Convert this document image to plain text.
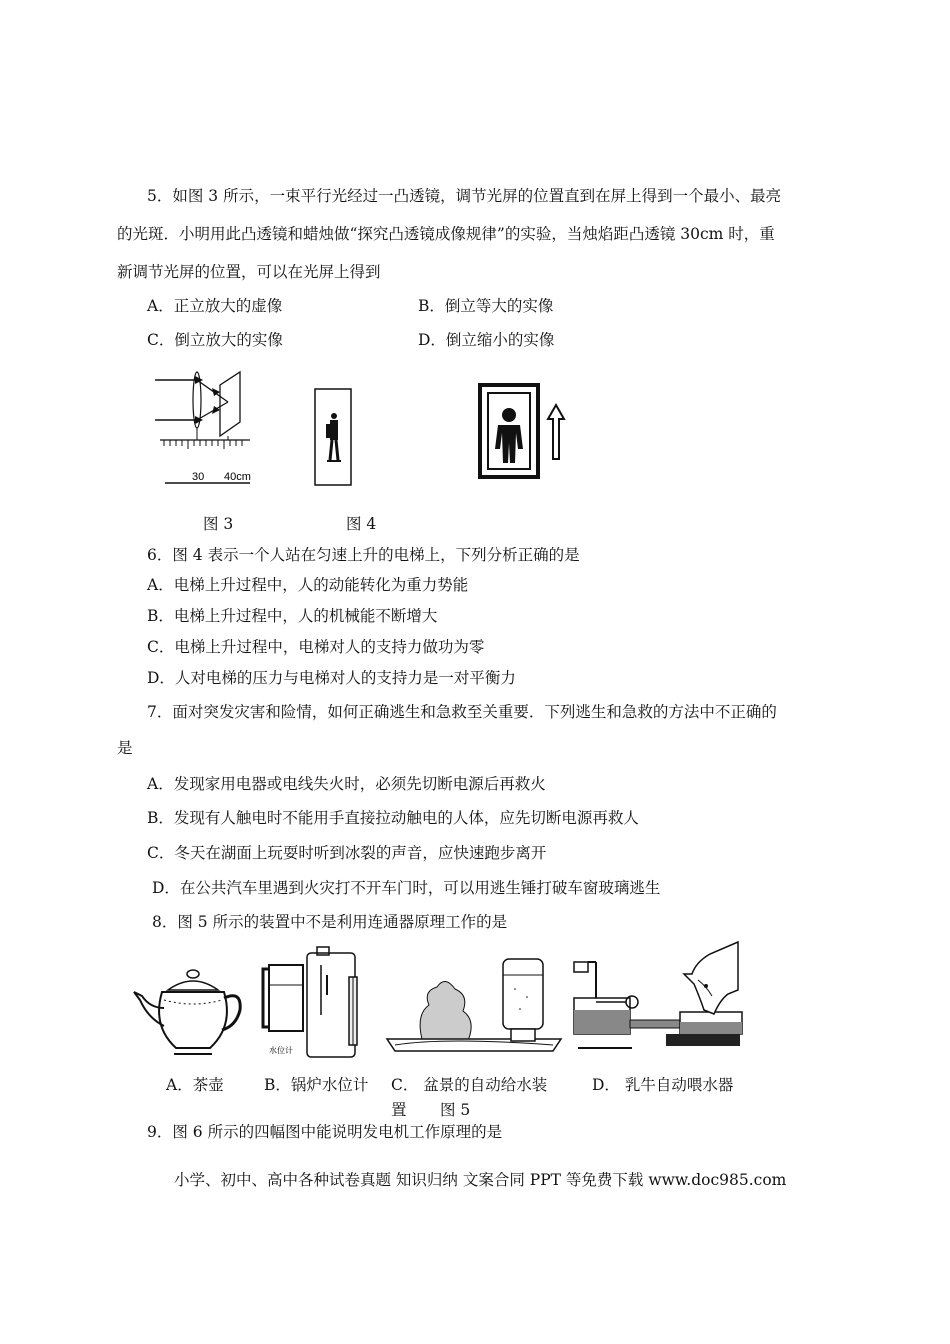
5．如图 3 所示，一束平行光经过一凸透镜，调节光屏的位置直到在屏上得到一个最小、最亮
的光斑．小明用此凸透镜和蜡烛做“探究凸透镜成像规律”的实验，当烛焰距凸透镜 30cm 时，重
新调节光屏的位置，可以在光屏上得到
A．正立放大的虚像	B．倒立等大的实像
C．倒立放大的实像	D．倒立缩小的实像
30 40cm
图 3	图 4
6．图 4 表示一个人站在匀速上升的电梯上，下列分析正确的是
A．电梯上升过程中，人的动能转化为重力势能
B．电梯上升过程中，人的机械能不断增大
C．电梯上升过程中，电梯对人的支持力做功为零
D．人对电梯的压力与电梯对人的支持力是一对平衡力
7．面对突发灾害和险情，如何正确逃生和急救至关重要．下列逃生和急救的方法中不正确的
是
A．发现家用电器或电线失火时，必须先切断电源后再救火
B．发现有人触电时不能用手直接拉动触电的人体，应先切断电源再救人
C．冬天在湖面上玩耍时听到冰裂的声音，应快速跑步离开
D．在公共汽车里遇到火灾打不开车门时，可以用逃生锤打破车窗玻璃逃生
8．图 5 所示的装置中不是利用连通器原理工作的是
水位计
A．茶壶	B．锅炉水位计 C． 盆景的自动给水装	D． 乳牛自动喂水器
置 图 5
9．图 6 所示的四幅图中能说明发电机工作原理的是
小学、初中、高中各种试卷真题 知识归纳 文案合同 PPT 等免费下载 www.doc985.com
